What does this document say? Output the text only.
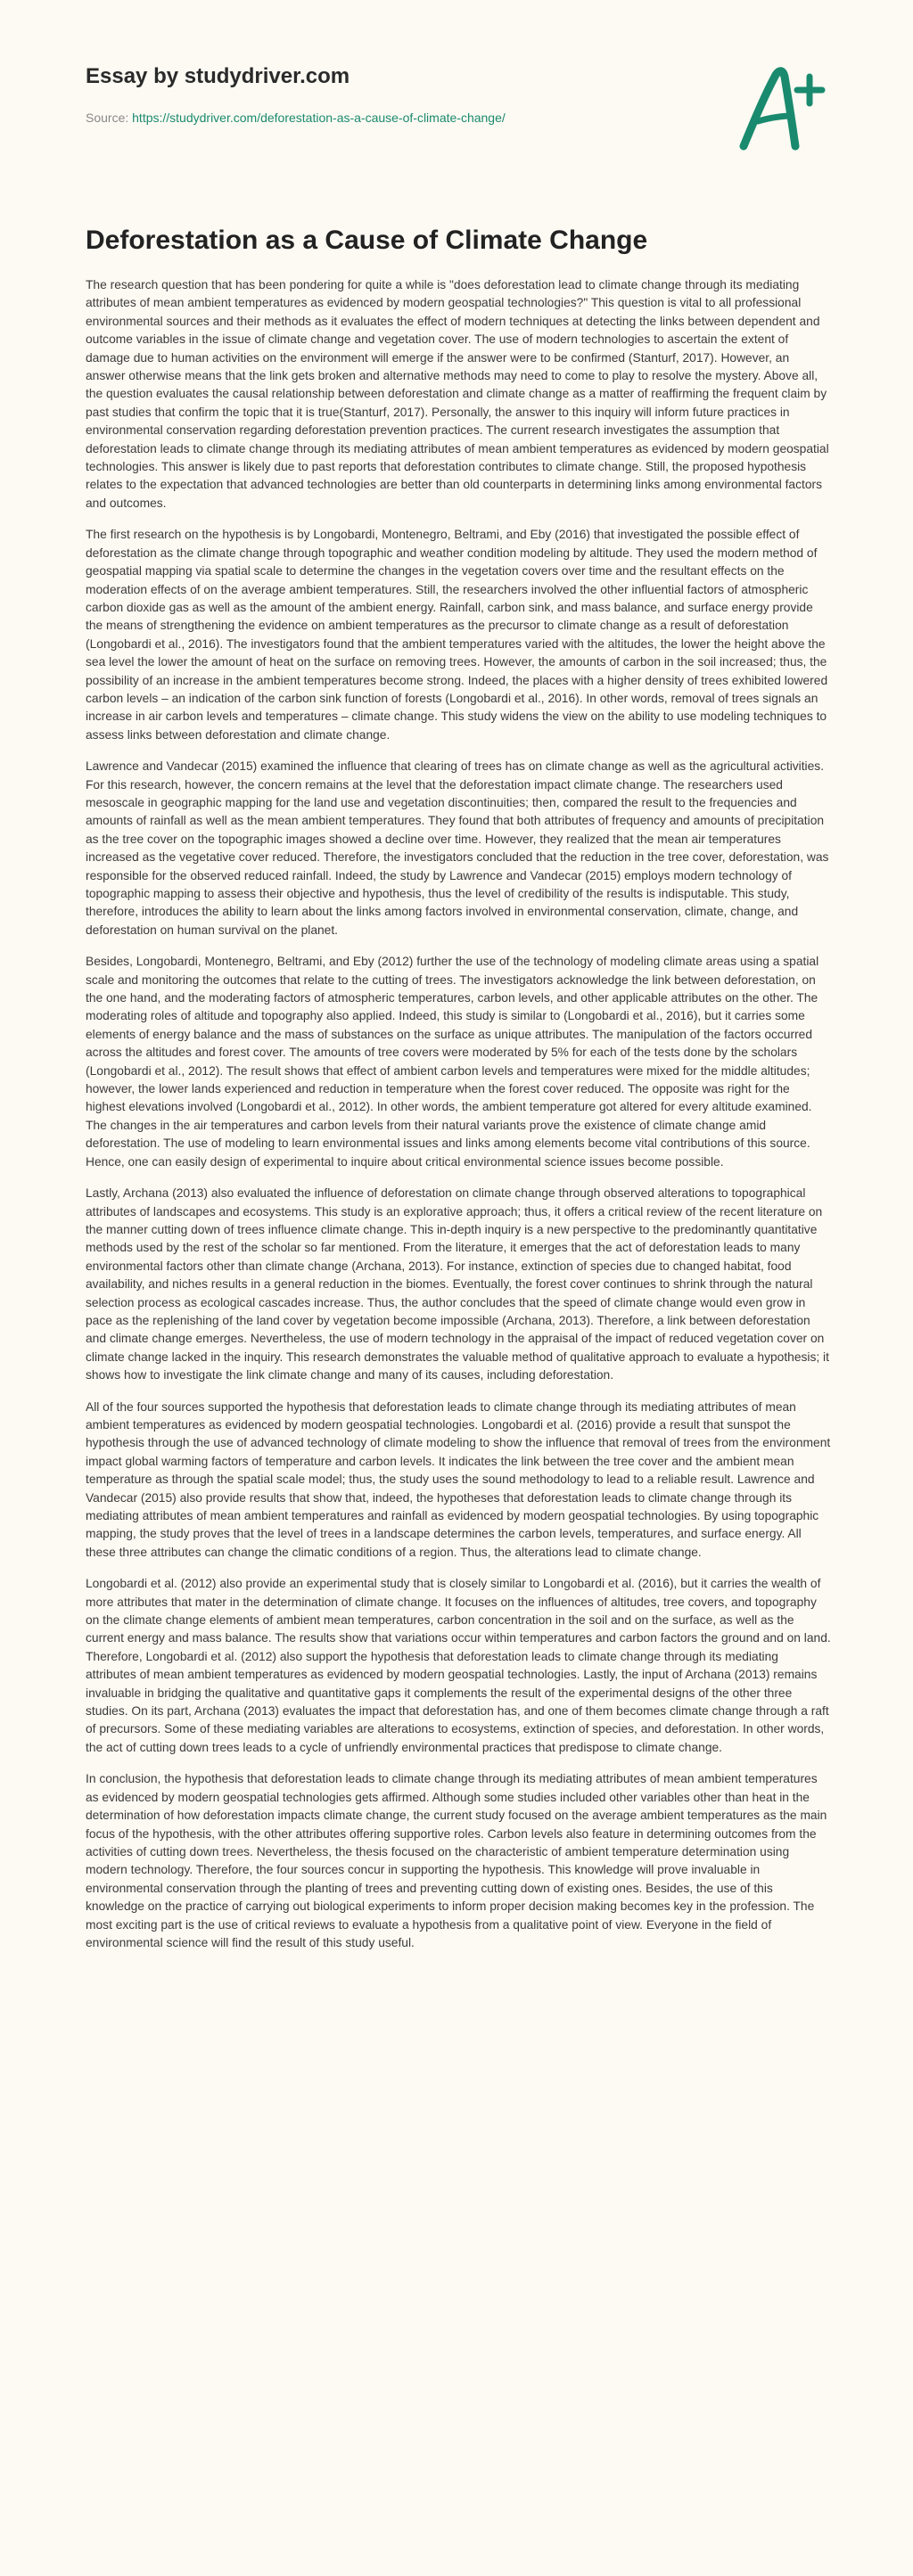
Essay by studydriver.com
Source: https://studydriver.com/deforestation-as-a-cause-of-climate-change/
Deforestation as a Cause of Climate Change

The research question that has been pondering for quite a while is "does deforestation lead to climate change through its mediating attributes of mean ambient temperatures as evidenced by modern geospatial technologies?" This question is vital to all professional environmental sources and their methods as it evaluates the effect of modern techniques at detecting the links between dependent and outcome variables in the issue of climate change and vegetation cover. The use of modern technologies to ascertain the extent of damage due to human activities on the environment will emerge if the answer were to be confirmed (Stanturf, 2017). However, an answer otherwise means that the link gets broken and alternative methods may need to come to play to resolve the mystery. Above all, the question evaluates the causal relationship between deforestation and climate change as a matter of reaffirming the frequent claim by past studies that confirm the topic that it is true(Stanturf, 2017). Personally, the answer to this inquiry will inform future practices in environmental conservation regarding deforestation prevention practices. The current research investigates the assumption that deforestation leads to climate change through its mediating attributes of mean ambient temperatures as evidenced by modern geospatial technologies. This answer is likely due to past reports that deforestation contributes to climate change. Still, the proposed hypothesis relates to the expectation that advanced technologies are better than old counterparts in determining links among environmental factors and outcomes.

The first research on the hypothesis is by Longobardi, Montenegro, Beltrami, and Eby (2016) that investigated the possible effect of deforestation as the climate change through topographic and weather condition modeling by altitude. They used the modern method of geospatial mapping via spatial scale to determine the changes in the vegetation covers over time and the resultant effects on the moderation effects of on the average ambient temperatures. Still, the researchers involved the other influential factors of atmospheric carbon dioxide gas as well as the amount of the ambient energy. Rainfall, carbon sink, and mass balance, and surface energy provide the means of strengthening the evidence on ambient temperatures as the precursor to climate change as a result of deforestation (Longobardi et al., 2016). The investigators found that the ambient temperatures varied with the altitudes, the lower the height above the sea level the lower the amount of heat on the surface on removing trees. However, the amounts of carbon in the soil increased; thus, the possibility of an increase in the ambient temperatures become strong. Indeed, the places with a higher density of trees exhibited lowered carbon levels – an indication of the carbon sink function of forests (Longobardi et al., 2016). In other words, removal of trees signals an increase in air carbon levels and temperatures – climate change. This study widens the view on the ability to use modeling techniques to assess links between deforestation and climate change.

Lawrence and Vandecar (2015) examined the influence that clearing of trees has on climate change as well as the agricultural activities. For this research, however, the concern remains at the level that the deforestation impact climate change. The researchers used mesoscale in geographic mapping for the land use and vegetation discontinuities; then, compared the result to the frequencies and amounts of rainfall as well as the mean ambient temperatures. They found that both attributes of frequency and amounts of precipitation as the tree cover on the topographic images showed a decline over time. However, they realized that the mean air temperatures increased as the vegetative cover reduced. Therefore, the investigators concluded that the reduction in the tree cover, deforestation, was responsible for the observed reduced rainfall. Indeed, the study by Lawrence and Vandecar (2015) employs modern technology of topographic mapping to assess their objective and hypothesis, thus the level of credibility of the results is indisputable. This study, therefore, introduces the ability to learn about the links among factors involved in environmental conservation, climate, change, and deforestation on human survival on the planet.

Besides, Longobardi, Montenegro, Beltrami, and Eby (2012) further the use of the technology of modeling climate areas using a spatial scale and monitoring the outcomes that relate to the cutting of trees. The investigators acknowledge the link between deforestation, on the one hand, and the moderating factors of atmospheric temperatures, carbon levels, and other applicable attributes on the other. The moderating roles of altitude and topography also applied. Indeed, this study is similar to (Longobardi et al., 2016), but it carries some elements of energy balance and the mass of substances on the surface as unique attributes. The manipulation of the factors occurred across the altitudes and forest cover. The amounts of tree covers were moderated by 5% for each of the tests done by the scholars (Longobardi et al., 2012). The result shows that effect of ambient carbon levels and temperatures were mixed for the middle altitudes; however, the lower lands experienced and reduction in temperature when the forest cover reduced. The opposite was right for the highest elevations involved (Longobardi et al., 2012). In other words, the ambient temperature got altered for every altitude examined. The changes in the air temperatures and carbon levels from their natural variants prove the existence of climate change amid deforestation. The use of modeling to learn environmental issues and links among elements become vital contributions of this source. Hence, one can easily design of experimental to inquire about critical environmental science issues become possible.

Lastly, Archana (2013) also evaluated the influence of deforestation on climate change through observed alterations to topographical attributes of landscapes and ecosystems. This study is an explorative approach; thus, it offers a critical review of the recent literature on the manner cutting down of trees influence climate change. This in-depth inquiry is a new perspective to the predominantly quantitative methods used by the rest of the scholar so far mentioned. From the literature, it emerges that the act of deforestation leads to many environmental factors other than climate change (Archana, 2013). For instance, extinction of species due to changed habitat, food availability, and niches results in a general reduction in the biomes. Eventually, the forest cover continues to shrink through the natural selection process as ecological cascades increase. Thus, the author concludes that the speed of climate change would even grow in pace as the replenishing of the land cover by vegetation become impossible (Archana, 2013). Therefore, a link between deforestation and climate change emerges. Nevertheless, the use of modern technology in the appraisal of the impact of reduced vegetation cover on climate change lacked in the inquiry. This research demonstrates the valuable method of qualitative approach to evaluate a hypothesis; it shows how to investigate the link climate change and many of its causes, including deforestation.

All of the four sources supported the hypothesis that deforestation leads to climate change through its mediating attributes of mean ambient temperatures as evidenced by modern geospatial technologies. Longobardi et al. (2016) provide a result that sunspot the hypothesis through the use of advanced technology of climate modeling to show the influence that removal of trees from the environment impact global warming factors of temperature and carbon levels. It indicates the link between the tree cover and the ambient mean temperature as through the spatial scale model; thus, the study uses the sound methodology to lead to a reliable result. Lawrence and Vandecar (2015) also provide results that show that, indeed, the hypotheses that deforestation leads to climate change through its mediating attributes of mean ambient temperatures and rainfall as evidenced by modern geospatial technologies. By using topographic mapping, the study proves that the level of trees in a landscape determines the carbon levels, temperatures, and surface energy. All these three attributes can change the climatic conditions of a region. Thus, the alterations lead to climate change.

Longobardi et al. (2012) also provide an experimental study that is closely similar to Longobardi et al. (2016), but it carries the wealth of more attributes that mater in the determination of climate change. It focuses on the influences of altitudes, tree covers, and topography on the climate change elements of ambient mean temperatures, carbon concentration in the soil and on the surface, as well as the current energy and mass balance. The results show that variations occur within temperatures and carbon factors the ground and on land. Therefore, Longobardi et al. (2012) also support the hypothesis that deforestation leads to climate change through its mediating attributes of mean ambient temperatures as evidenced by modern geospatial technologies. Lastly, the input of Archana (2013) remains invaluable in bridging the qualitative and quantitative gaps it complements the result of the experimental designs of the other three studies. On its part, Archana (2013) evaluates the impact that deforestation has, and one of them becomes climate change through a raft of precursors. Some of these mediating variables are alterations to ecosystems, extinction of species, and deforestation. In other words, the act of cutting down trees leads to a cycle of unfriendly environmental practices that predispose to climate change.

In conclusion, the hypothesis that deforestation leads to climate change through its mediating attributes of mean ambient temperatures as evidenced by modern geospatial technologies gets affirmed. Although some studies included other variables other than heat in the determination of how deforestation impacts climate change, the current study focused on the average ambient temperatures as the main focus of the hypothesis, with the other attributes offering supportive roles. Carbon levels also feature in determining outcomes from the activities of cutting down trees. Nevertheless, the thesis focused on the characteristic of ambient temperature determination using modern technology. Therefore, the four sources concur in supporting the hypothesis. This knowledge will prove invaluable in environmental conservation through the planting of trees and preventing cutting down of existing ones. Besides, the use of this knowledge on the practice of carrying out biological experiments to inform proper decision making becomes key in the profession. The most exciting part is the use of critical reviews to evaluate a hypothesis from a qualitative point of view. Everyone in the field of environmental science will find the result of this study useful.
